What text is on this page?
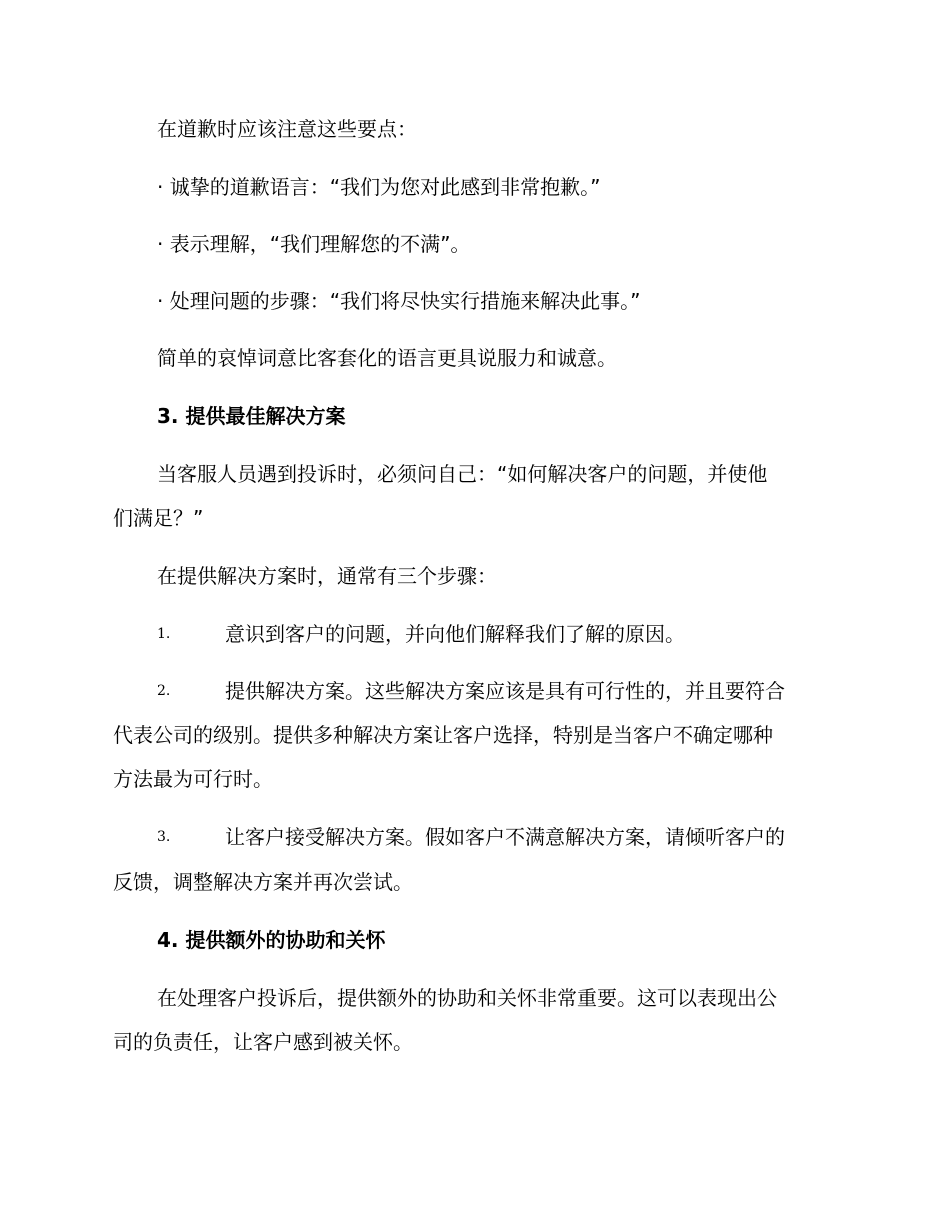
在道歉时应该注意这些要点：
· 诚挚的道歉语言：“我们为您对此感到非常抱歉。”
· 表示理解，“我们理解您的不满”。
· 处理问题的步骤：“我们将尽快实行措施来解决此事。”
简单的哀悼词意比客套化的语言更具说服力和诚意。
3. 提供最佳解决方案
当客服人员遇到投诉时，必须问自己：“如何解决客户的问题，并使他
们满足？”
在提供解决方案时，通常有三个步骤：
1.	意识到客户的问题，并向他们解释我们了解的原因。
2.	提供解决方案。这些解决方案应该是具有可行性的，并且要符合
代表公司的级别。提供多种解决方案让客户选择，特别是当客户不确定哪种
方法最为可行时。
3.	让客户接受解决方案。假如客户不满意解决方案，请倾听客户的
反馈，调整解决方案并再次尝试。
4. 提供额外的协助和关怀
在处理客户投诉后，提供额外的协助和关怀非常重要。这可以表现出公
司的负责任，让客户感到被关怀。
